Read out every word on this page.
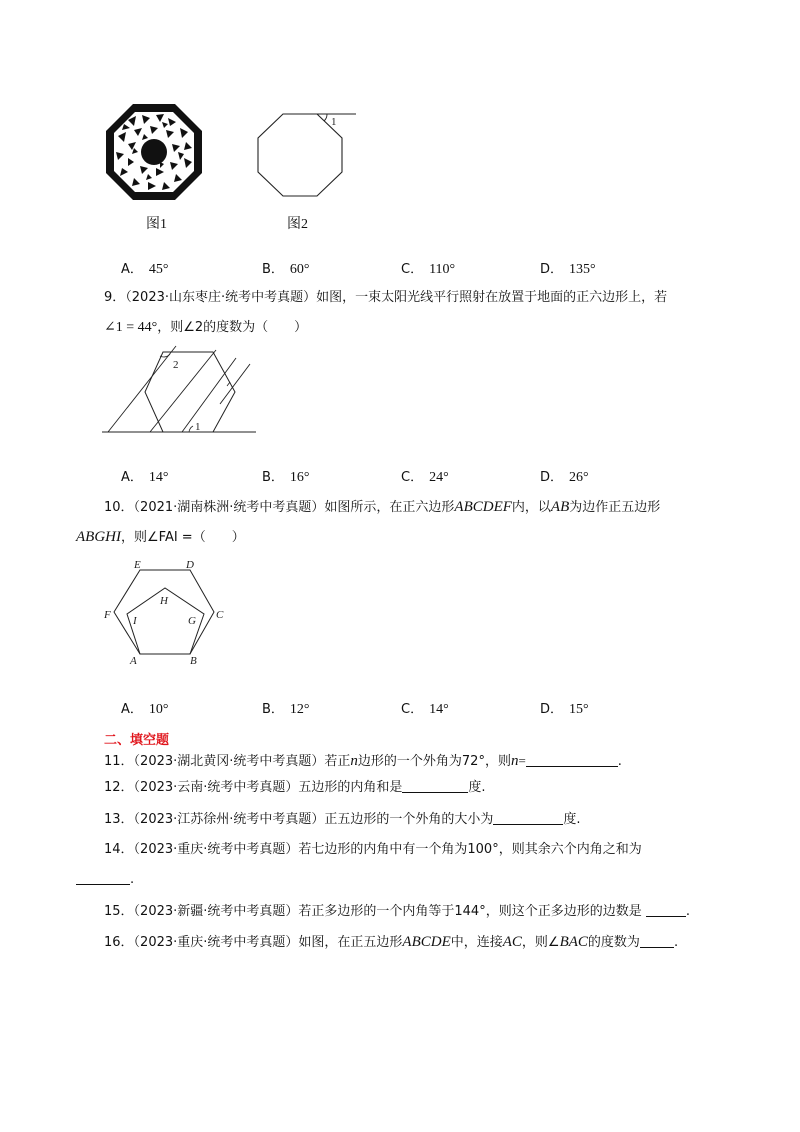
图1
1
图2
A． 45°	B． 60°	C． 110°	D． 135°
9．（2023·山东枣庄·统考中考真题）如图，一束太阳光线平行照射在放置于地面的正六边形上，若
∠1 = 44°，则∠2的度数为（　　）
2
1
A． 14°	B． 16°	C． 24°	D． 26°
10．（2021·湖南株洲·统考中考真题）如图所示，在正六边形ABCDEF内，以AB为边作正五边形
ABGHI，则∠FAI =（　　）
E	D
F	C
A	B
H
I	G
A． 10°	B． 12°	C． 14°	D． 15°
二、填空题
11．（2023·湖北黄冈·统考中考真题）若正n边形的一个外角为72°，则n=	.
12．（2023·云南·统考中考真题）五边形的内角和是	度.
13．（2023·江苏徐州·统考中考真题）正五边形的一个外角的大小为	度.
14．（2023·重庆·统考中考真题）若七边形的内角中有一个角为100°，则其余六个内角之和为
.
15．（2023·新疆·统考中考真题）若正多边形的一个内角等于144°，则这个正多边形的边数是	.
16．（2023·重庆·统考中考真题）如图，在正五边形ABCDE中，连接AC，则∠BAC的度数为	.
